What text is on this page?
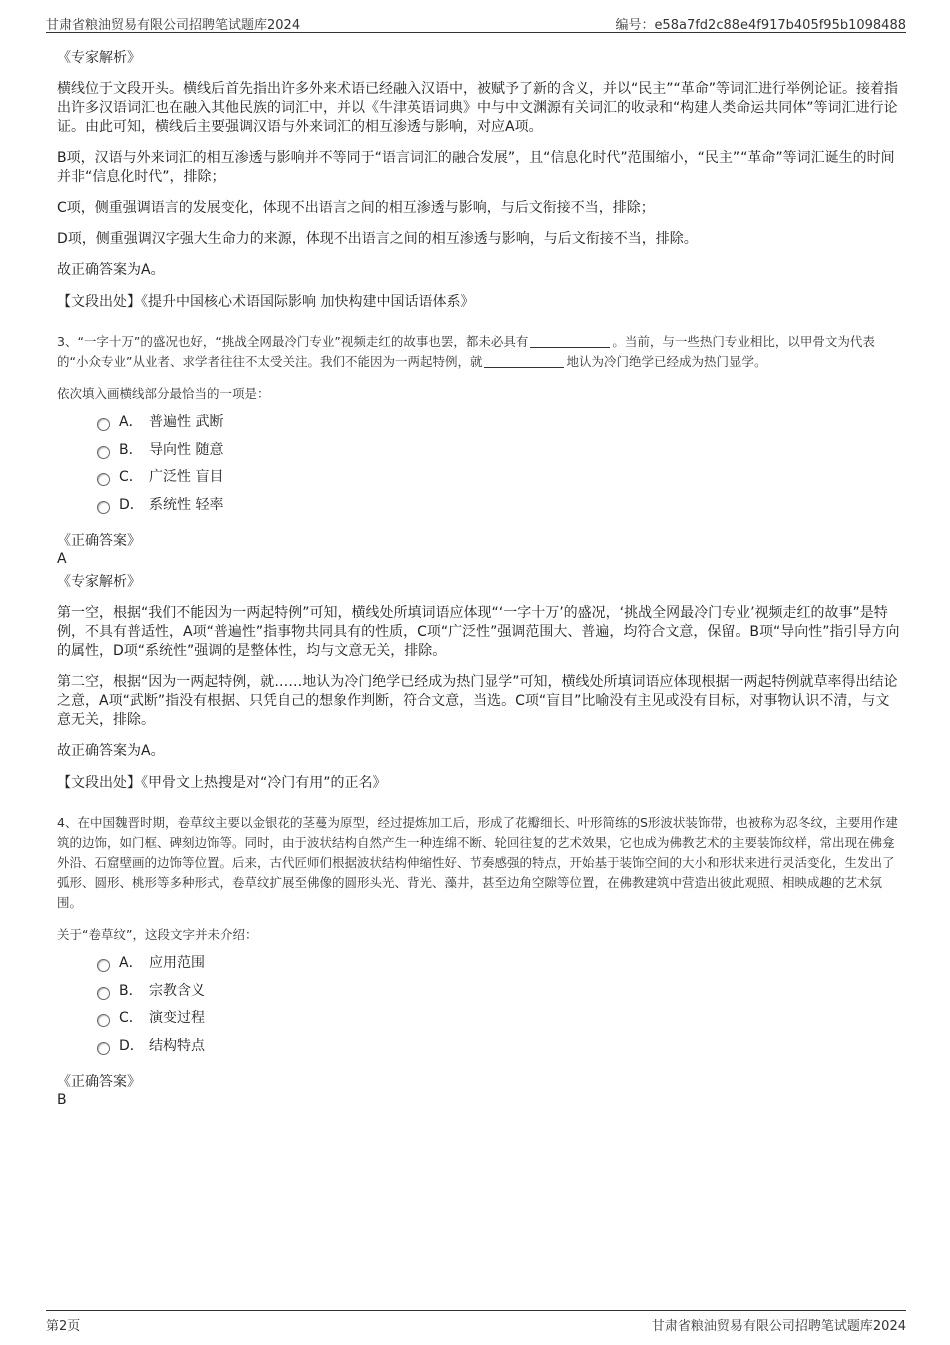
甘肃省粮油贸易有限公司招聘笔试题库2024	编号：e58a7fd2c88e4f917b405f95b1098488
《专家解析》

横线位于文段开头。横线后首先指出许多外来术语已经融入汉语中，被赋予了新的含义，并以“民主”“革命”等词汇进行举例论证。接着指出许多汉语词汇也在融入其他民族的词汇中，并以《牛津英语词典》中与中文渊源有关词汇的收录和“构建人类命运共同体”等词汇进行论证。由此可知，横线后主要强调汉语与外来词汇的相互渗透与影响，对应A项。

B项，汉语与外来词汇的相互渗透与影响并不等同于“语言词汇的融合发展”，且“信息化时代”范围缩小，“民主”“革命”等词汇诞生的时间并非“信息化时代”，排除；

C项，侧重强调语言的发展变化，体现不出语言之间的相互渗透与影响，与后文衔接不当，排除；

D项，侧重强调汉字强大生命力的来源，体现不出语言之间的相互渗透与影响，与后文衔接不当，排除。

故正确答案为A。

【文段出处】《提升中国核心术语国际影响 加快构建中国话语体系》

3、“一字十万”的盛况也好，“挑战全网最冷门专业”视频走红的故事也罢，都未必具有	。当前，与一些热门专业相比，以甲骨文为代表的“小众专业”从业者、求学者往往不太受关注。我们不能因为一两起特例，就	地认为冷门绝学已经成为热门显学。

依次填入画横线部分最恰当的一项是：

A． 普遍性 武断
B． 导向性 随意
C． 广泛性 盲目
D． 系统性 轻率
《正确答案》
A
《专家解析》

第一空，根据“我们不能因为一两起特例”可知，横线处所填词语应体现“‘一字十万’的盛况，‘挑战全网最冷门专业’视频走红的故事”是特例，不具有普适性，A项“普遍性”指事物共同具有的性质，C项“广泛性”强调范围大、普遍，均符合文意，保留。B项“导向性”指引导方向的属性，D项“系统性”强调的是整体性，均与文意无关，排除。

第二空，根据“因为一两起特例，就……地认为冷门绝学已经成为热门显学”可知，横线处所填词语应体现根据一两起特例就草率得出结论之意，A项“武断”指没有根据、只凭自己的想象作判断，符合文意，当选。C项“盲目”比喻没有主见或没有目标，对事物认识不清，与文意无关，排除。

故正确答案为A。

【文段出处】《甲骨文上热搜是对“冷门有用”的正名》

4、在中国魏晋时期，卷草纹主要以金银花的茎蔓为原型，经过提炼加工后，形成了花瓣细长、叶形简练的S形波状装饰带，也被称为忍冬纹，主要用作建筑的边饰，如门框、碑刻边饰等。同时，由于波状结构自然产生一种连绵不断、轮回往复的艺术效果，它也成为佛教艺术的主要装饰纹样，常出现在佛龛外沿、石窟壁画的边饰等位置。后来，古代匠师们根据波状结构伸缩性好、节奏感强的特点，开始基于装饰空间的大小和形状来进行灵活变化，生发出了弧形、圆形、桃形等多种形式，卷草纹扩展至佛像的圆形头光、背光、藻井，甚至边角空隙等位置，在佛教建筑中营造出彼此观照、相映成趣的艺术氛围。

关于“卷草纹”，这段文字并未介绍：

A． 应用范围
B． 宗教含义
C． 演变过程
D． 结构特点
《正确答案》
B
第2页	甘肃省粮油贸易有限公司招聘笔试题库2024
